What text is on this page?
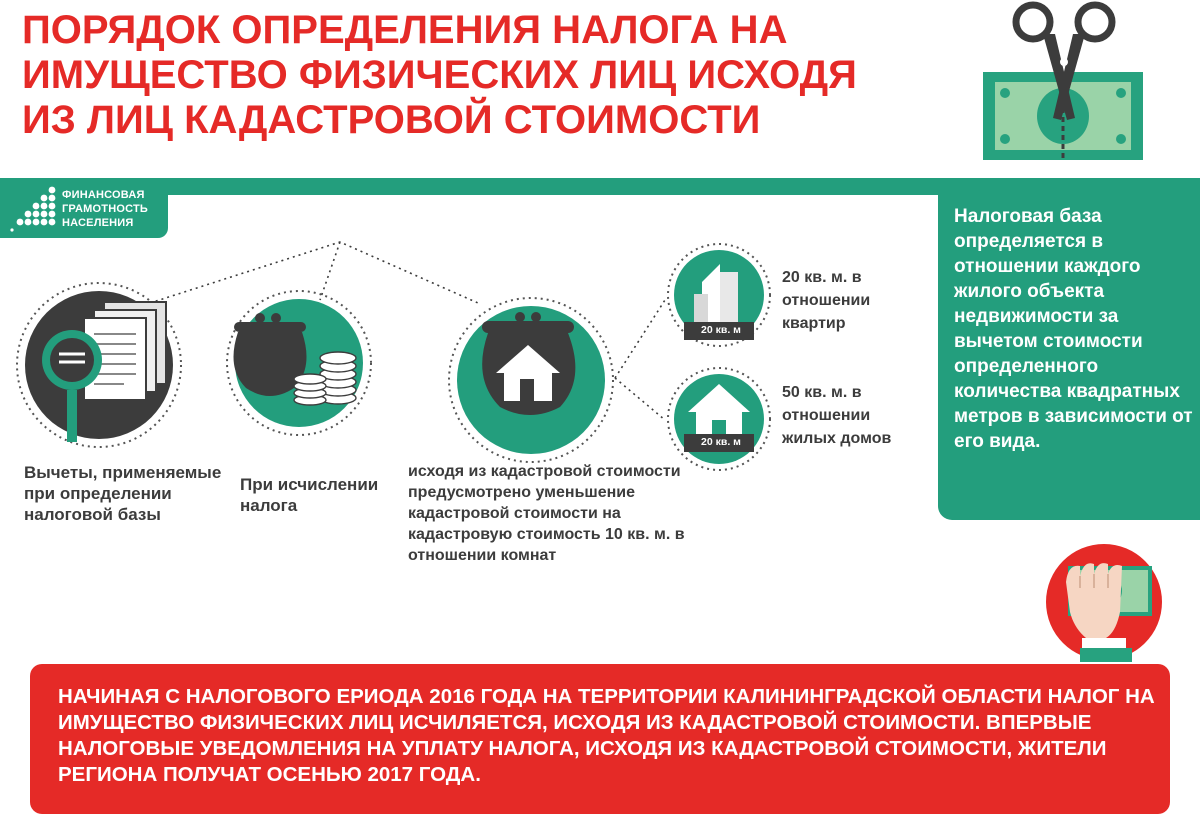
ПОРЯДОК ОПРЕДЕЛЕНИЯ НАЛОГА НА
ИМУЩЕСТВО ФИЗИЧЕСКИХ ЛИЦ ИСХОДЯ
ИЗ ЛИЦ КАДАСТРОВОЙ СТОИМОСТИ
ФИНАНСОВАЯ
ГРАМОТНОСТЬ
НАСЕЛЕНИЯ
Вычеты, применяемые при определении налоговой базы
При исчислении налога
исходя из кадастровой стоимости предусмотрено уменьшение кадастровой стоимости на кадастровую стоимость 10 кв. м. в отношении комнат
20 кв. м
20 кв. м. в отношении квартир
20 кв. м
50 кв. м. в отношении жилых домов
Налоговая база определяется в отношении каждого жилого объекта недвижимости за вычетом стоимости определенного количества квадратных метров в зависимости от его вида.

НАЧИНАЯ С НАЛОГОВОГО ЕРИОДА 2016 ГОДА НА ТЕРРИТОРИИ КАЛИНИНГРАДСКОЙ ОБЛАСТИ НАЛОГ НА ИМУЩЕСТВО ФИЗИЧЕСКИХ ЛИЦ ИСЧИЛЯЕТСЯ, ИСХОДЯ ИЗ КАДАСТРОВОЙ СТОИМОСТИ. ВПЕРВЫЕ НАЛОГОВЫЕ УВЕДОМЛЕНИЯ НА УПЛАТУ НАЛОГА, ИСХОДЯ ИЗ КАДАСТРОВОЙ СТОИМОСТИ, ЖИТЕЛИ РЕГИОНА ПОЛУЧАТ ОСЕНЬЮ 2017 ГОДА.
